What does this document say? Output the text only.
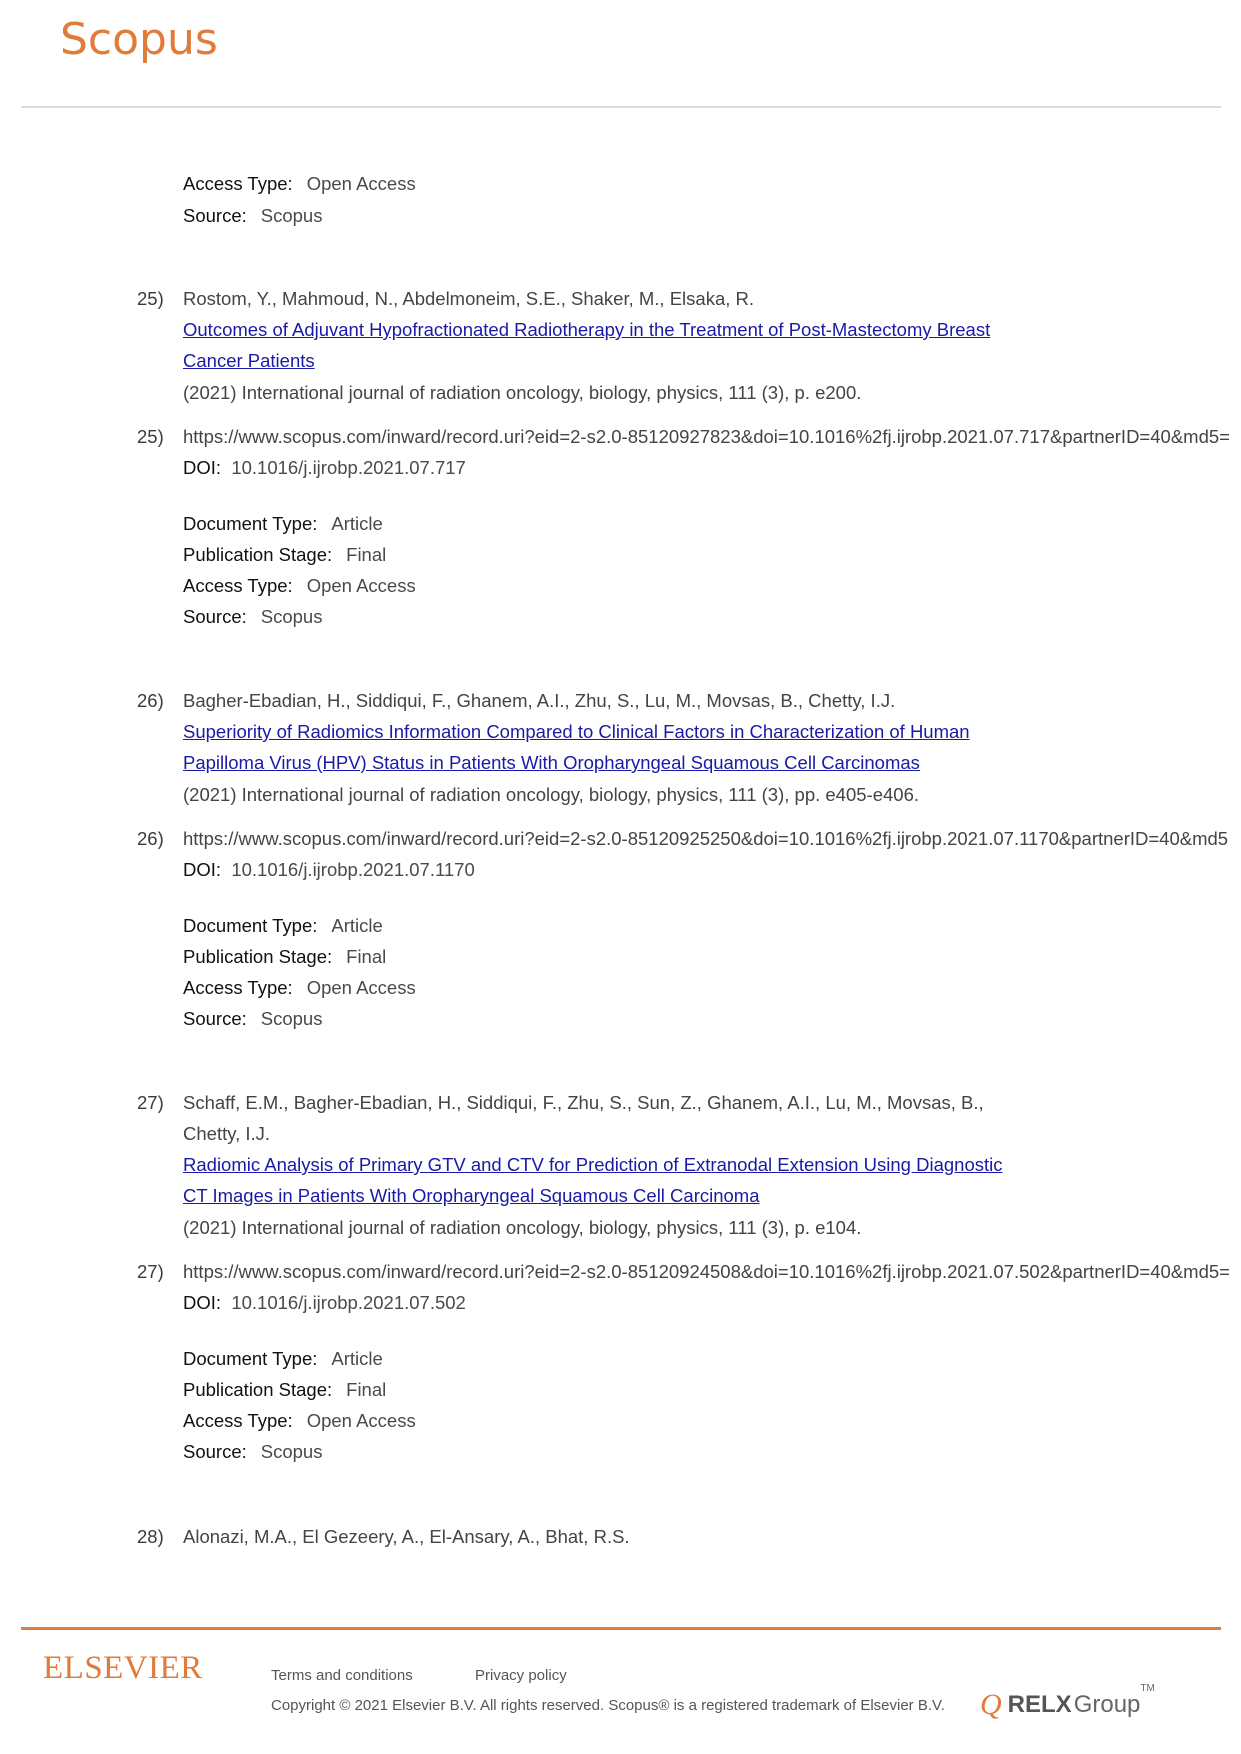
Scopus
Access Type: Open Access
Source: Scopus
25) Rostom, Y., Mahmoud, N., Abdelmoneim, S.E., Shaker, M., Elsaka, R.
Outcomes of Adjuvant Hypofractionated Radiotherapy in the Treatment of Post-Mastectomy Breast
Cancer Patients
(2021) International journal of radiation oncology, biology, physics, 111 (3), p. e200.
25) https://www.scopus.com/inward/record.uri?eid=2-s2.0-85120927823&doi=10.1016%2fj.ijrobp.2021.07.717&partnerID=40&md5=
DOI: 10.1016/j.ijrobp.2021.07.717
Document Type: Article
Publication Stage: Final
Access Type: Open Access
Source: Scopus
26) Bagher-Ebadian, H., Siddiqui, F., Ghanem, A.I., Zhu, S., Lu, M., Movsas, B., Chetty, I.J.
Superiority of Radiomics Information Compared to Clinical Factors in Characterization of Human
Papilloma Virus (HPV) Status in Patients With Oropharyngeal Squamous Cell Carcinomas
(2021) International journal of radiation oncology, biology, physics, 111 (3), pp. e405-e406.
26) https://www.scopus.com/inward/record.uri?eid=2-s2.0-85120925250&doi=10.1016%2fj.ijrobp.2021.07.1170&partnerID=40&md5
DOI: 10.1016/j.ijrobp.2021.07.1170
Document Type: Article
Publication Stage: Final
Access Type: Open Access
Source: Scopus
27) Schaff, E.M., Bagher-Ebadian, H., Siddiqui, F., Zhu, S., Sun, Z., Ghanem, A.I., Lu, M., Movsas, B.,
Chetty, I.J.
Radiomic Analysis of Primary GTV and CTV for Prediction of Extranodal Extension Using Diagnostic
CT Images in Patients With Oropharyngeal Squamous Cell Carcinoma
(2021) International journal of radiation oncology, biology, physics, 111 (3), p. e104.
27) https://www.scopus.com/inward/record.uri?eid=2-s2.0-85120924508&doi=10.1016%2fj.ijrobp.2021.07.502&partnerID=40&md5=
DOI: 10.1016/j.ijrobp.2021.07.502
Document Type: Article
Publication Stage: Final
Access Type: Open Access
Source: Scopus
28) Alonazi, M.A., El Gezeery, A., El-Ansary, A., Bhat, R.S.
ELSEVIER	Terms and conditions	Privacy policy
Copyright © 2021 Elsevier B.V. All rights reserved. Scopus® is a registered trademark of Elsevier B.V. Q RELXGroup™
